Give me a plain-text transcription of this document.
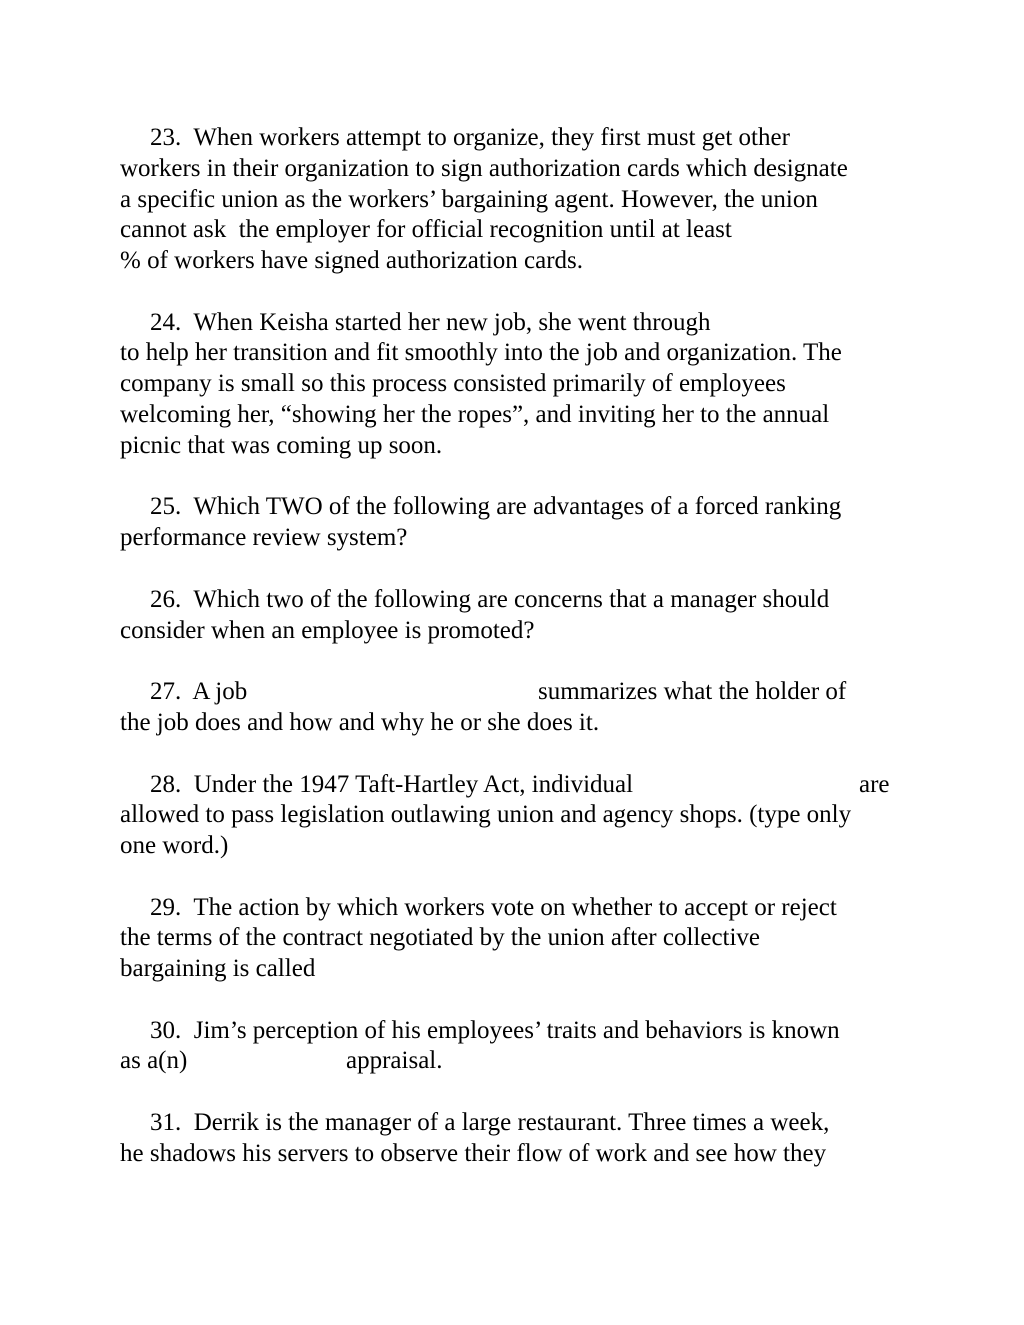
23. When workers attempt to organize, they first must get other
workers in their organization to sign authorization cards which designate
a specific union as the workers’ bargaining agent. However, the union
cannot ask  the employer for official recognition until at least
% of workers have signed authorization cards.
24. When Keisha started her new job, she went through
to help her transition and fit smoothly into the job and organization. The
company is small so this process consisted primarily of employees
welcoming her, “showing her the ropes”, and inviting her to the annual
picnic that was coming up soon.
25. Which TWO of the following are advantages of a forced ranking
performance review system?
26. Which two of the following are concerns that a manager should
consider when an employee is promoted?
27. A job	summarizes what the holder of
the job does and how and why he or she does it.
28. Under the 1947 Taft-Hartley Act, individual	are
allowed to pass legislation outlawing union and agency shops. (type only
one word.)
29. The action by which workers vote on whether to accept or reject
the terms of the contract negotiated by the union after collective
bargaining is called
30. Jim’s perception of his employees’ traits and behaviors is known
as a(n)	appraisal.
31. Derrik is the manager of a large restaurant. Three times a week,
he shadows his servers to observe their flow of work and see how they
